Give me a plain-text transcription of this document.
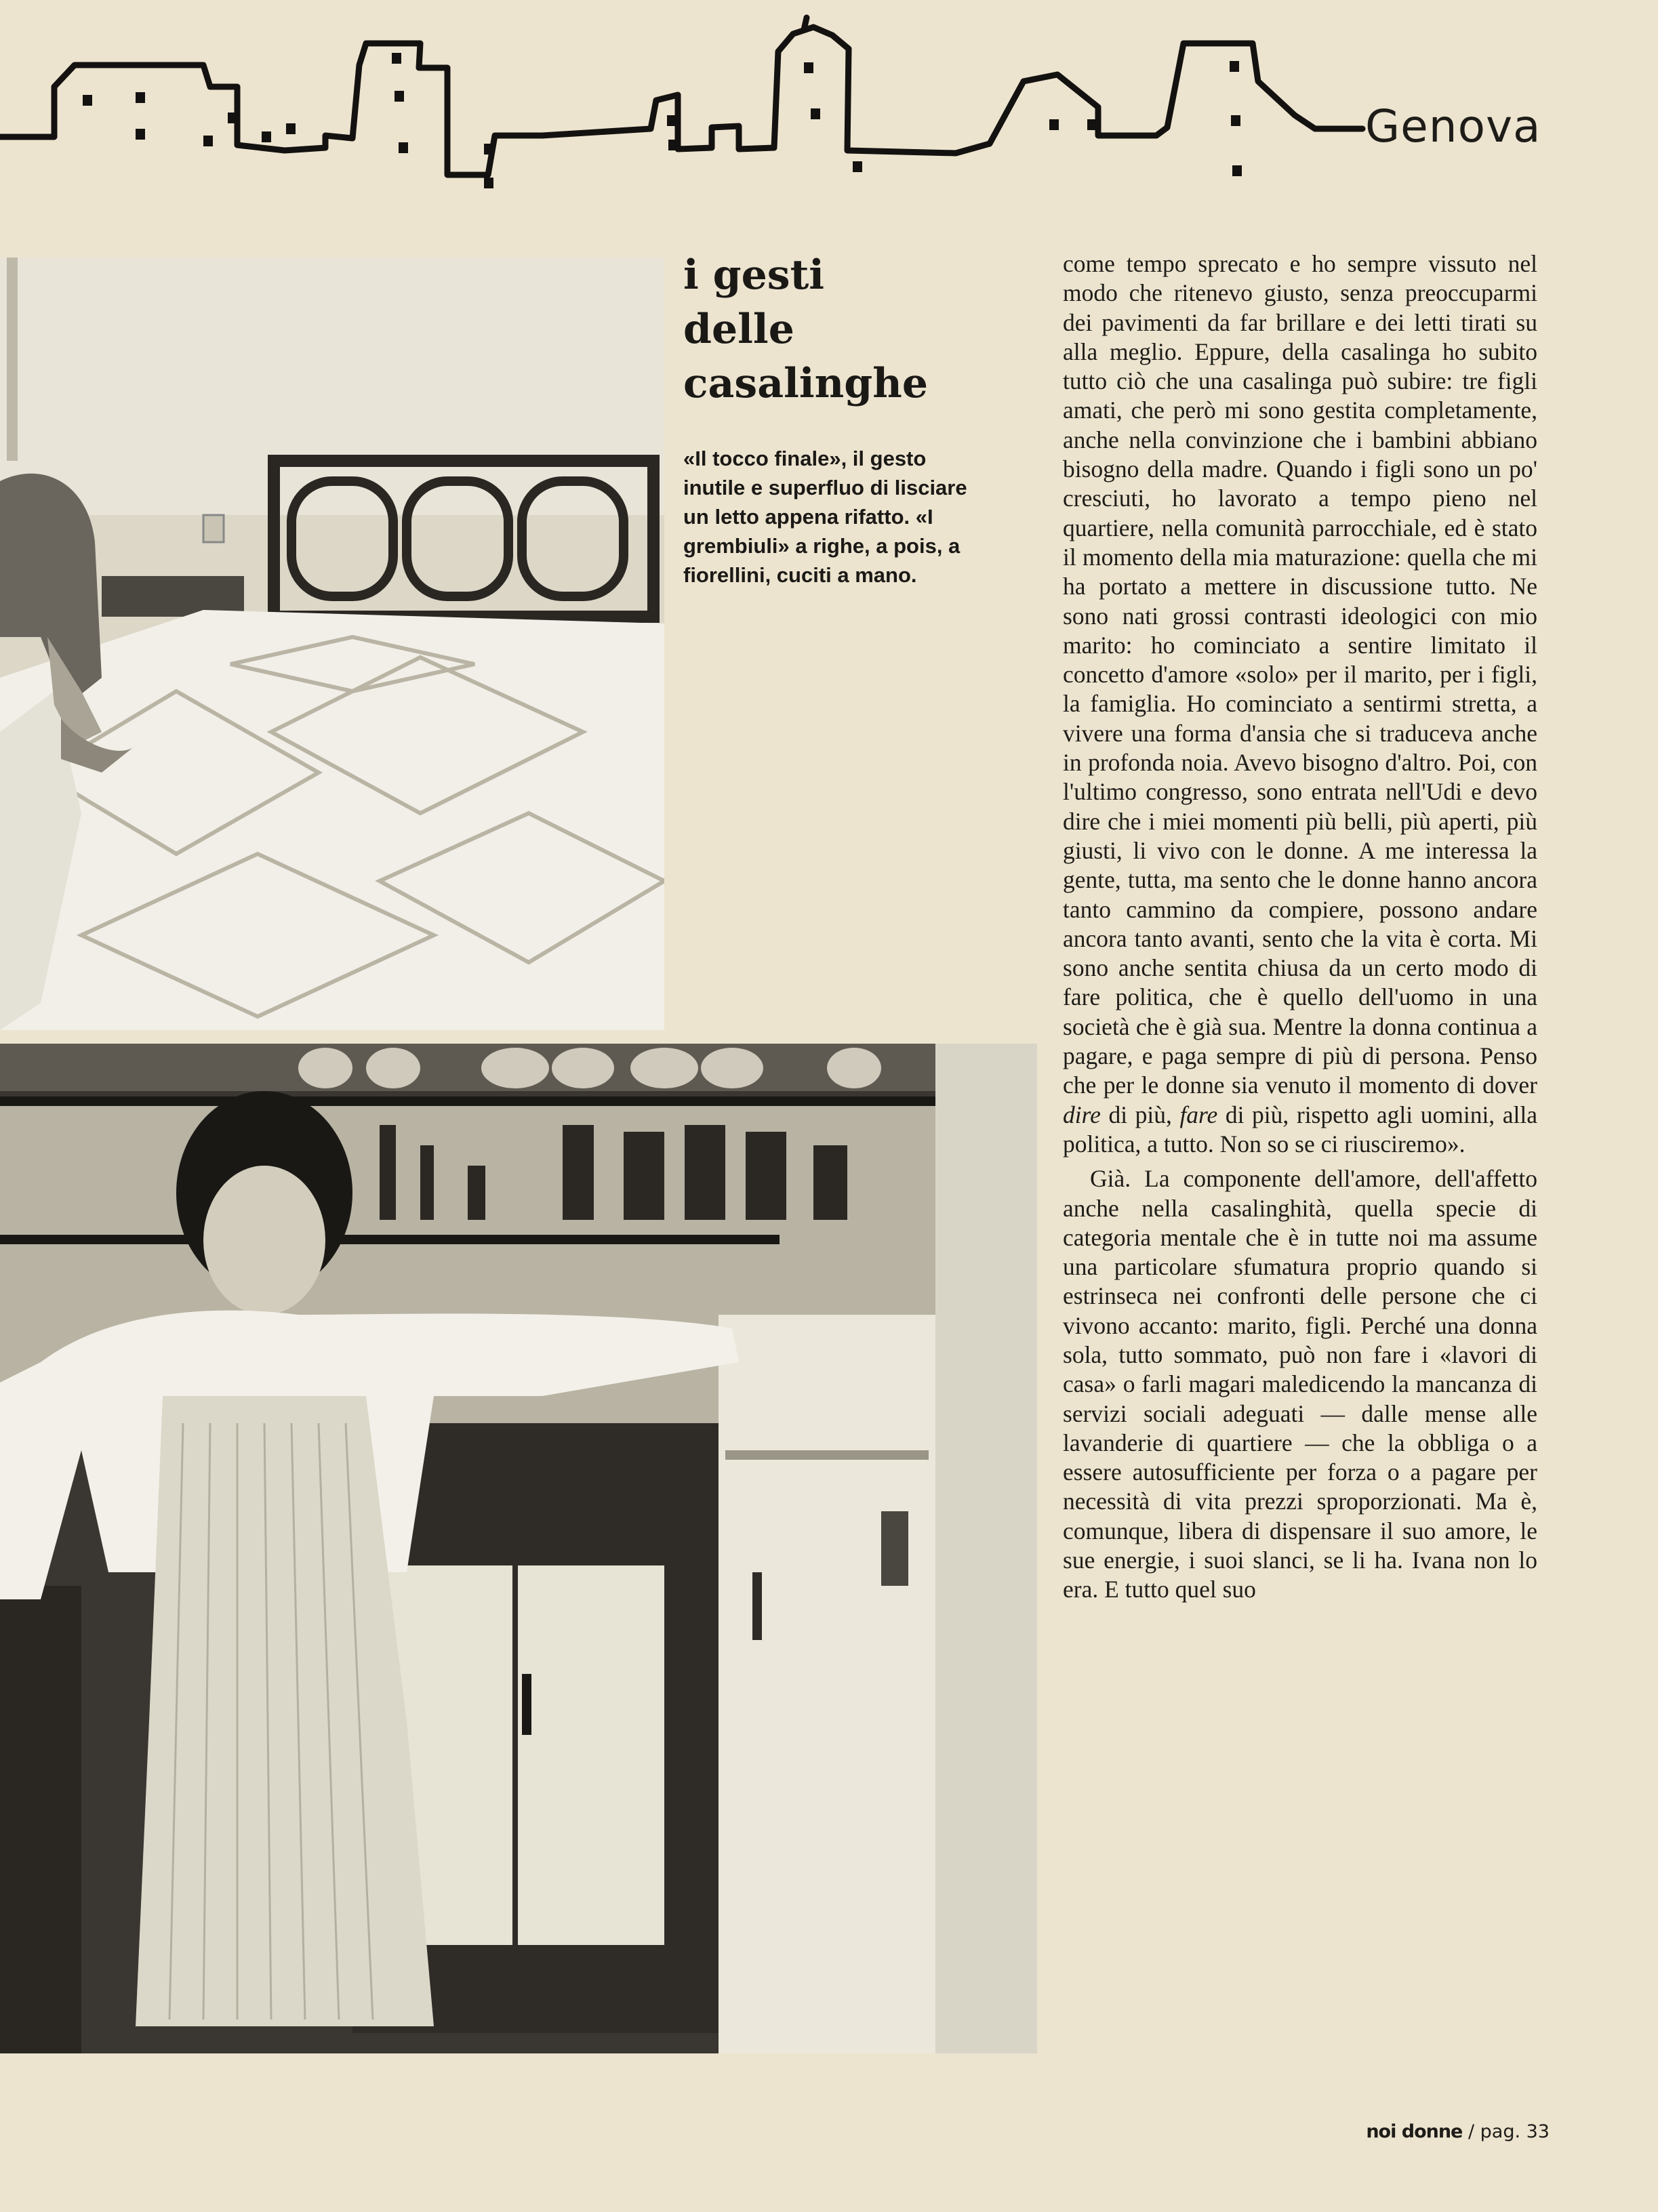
Genova
i gesti
delle
casalinghe

«Il tocco finale», il gesto inutile e superfluo di lisciare un letto appena rifatto. «I grembiuli» a righe, a pois, a fiorellini, cuciti a mano.

come tempo sprecato e ho sempre vissuto nel modo che ritenevo giusto, senza preoccuparmi dei pavimenti da far brillare e dei letti tirati su alla meglio. Eppure, della casalinga ho subito tutto ciò che una casalinga può subire: tre figli amati, che però mi sono gestita completamente, anche nella convinzione che i bambini abbiano bisogno della madre. Quando i figli sono un po' cresciuti, ho lavorato a tempo pieno nel quartiere, nella comunità parrocchiale, ed è stato il momento della mia maturazione: quella che mi ha portato a mettere in discussione tutto. Ne sono nati grossi contrasti ideologici con mio marito: ho cominciato a sentire limitato il concetto d'amore «solo» per il marito, per i figli, la famiglia. Ho cominciato a sentirmi stretta, a vivere una forma d'ansia che si traduceva anche in profonda noia. Avevo bisogno d'altro. Poi, con l'ultimo congresso, sono entrata nell'Udi e devo dire che i miei momenti più belli, più aperti, più giusti, li vivo con le donne. A me interessa la gente, tutta, ma sento che le donne hanno ancora tanto cammino da compiere, possono andare ancora tanto avanti, sento che la vita è corta. Mi sono anche sentita chiusa da un certo modo di fare politica, che è quello dell'uomo in una società che è già sua. Mentre la donna continua a pagare, e paga sempre di più di persona. Penso che per le donne sia venuto il momento di dover dire di più, fare di più, rispetto agli uomini, alla politica, a tutto. Non so se ci riusciremo».

Già. La componente dell'amore, dell'affetto anche nella casalinghità, quella specie di categoria mentale che è in tutte noi ma assume una particolare sfumatura proprio quando si estrinseca nei confronti delle persone che ci vivono accanto: marito, figli. Perché una donna sola, tutto sommato, può non fare i «lavori di casa» o farli magari maledicendo la mancanza di servizi sociali adeguati — dalle mense alle lavanderie di quartiere — che la obbliga o a essere autosufficiente per forza o a pagare per necessità di vita prezzi sproporzionati. Ma è, comunque, libera di dispensare il suo amore, le sue energie, i suoi slanci, se li ha. Ivana non lo era. E tutto quel suo

noi donne / pag. 33
